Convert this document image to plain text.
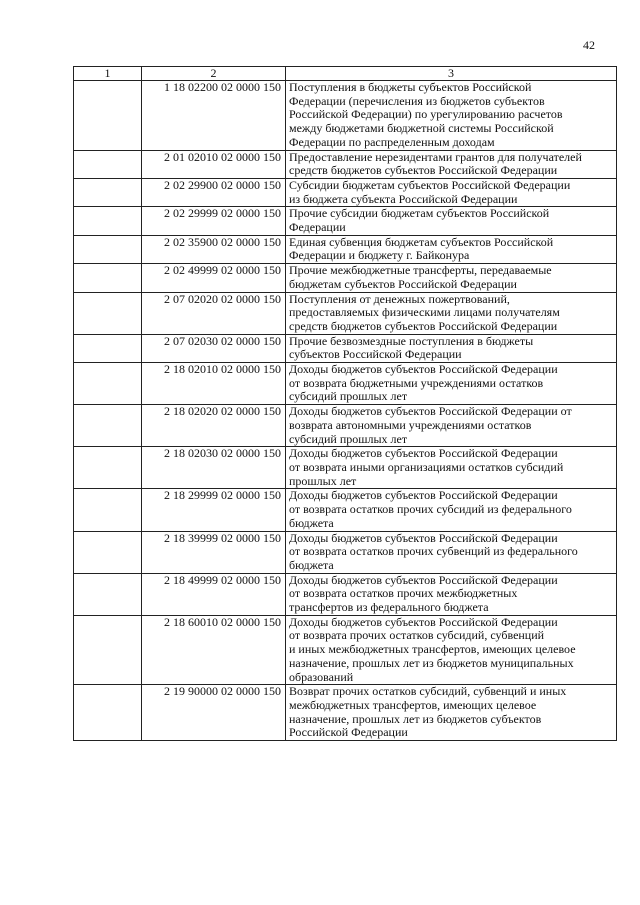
42
1	2	3
	1 18 02200 02 0000 150	Поступления в бюджеты субъектов Российской
Федерации (перечисления из бюджетов субъектов
Российской Федерации) по урегулированию расчетов
между бюджетами бюджетной системы Российской
Федерации по распределенным доходам

	2 01 02010 02 0000 150	Предоставление нерезидентами грантов для получателей
средств бюджетов субъектов Российской Федерации

	2 02 29900 02 0000 150	Субсидии бюджетам субъектов Российской Федерации
из бюджета субъекта Российской Федерации

	2 02 29999 02 0000 150	Прочие субсидии бюджетам субъектов Российской
Федерации

	2 02 35900 02 0000 150	Единая субвенция бюджетам субъектов Российской
Федерации и бюджету г. Байконура

	2 02 49999 02 0000 150	Прочие межбюджетные трансферты, передаваемые
бюджетам субъектов Российской Федерации

	2 07 02020 02 0000 150	Поступления от денежных пожертвований,
предоставляемых физическими лицами получателям
средств бюджетов субъектов Российской Федерации

	2 07 02030 02 0000 150	Прочие безвозмездные поступления в бюджеты
субъектов Российской Федерации

	2 18 02010 02 0000 150	Доходы бюджетов субъектов Российской Федерации
от возврата бюджетными учреждениями остатков
субсидий прошлых лет

	2 18 02020 02 0000 150	Доходы бюджетов субъектов Российской Федерации от
возврата автономными учреждениями остатков
субсидий прошлых лет

	2 18 02030 02 0000 150	Доходы бюджетов субъектов Российской Федерации
от возврата иными организациями остатков субсидий
прошлых лет

	2 18 29999 02 0000 150	Доходы бюджетов субъектов Российской Федерации
от возврата остатков прочих субсидий из федерального
бюджета

	2 18 39999 02 0000 150	Доходы бюджетов субъектов Российской Федерации
от возврата остатков прочих субвенций из федерального
бюджета

	2 18 49999 02 0000 150	Доходы бюджетов субъектов Российской Федерации
от возврата остатков прочих межбюджетных
трансфертов из федерального бюджета

	2 18 60010 02 0000 150	Доходы бюджетов субъектов Российской Федерации
от возврата прочих остатков субсидий, субвенций
и иных межбюджетных трансфертов, имеющих целевое
назначение, прошлых лет из бюджетов муниципальных
образований

	2 19 90000 02 0000 150	Возврат прочих остатков субсидий, субвенций и иных
межбюджетных трансфертов, имеющих целевое
назначение, прошлых лет из бюджетов субъектов
Российской Федерации
